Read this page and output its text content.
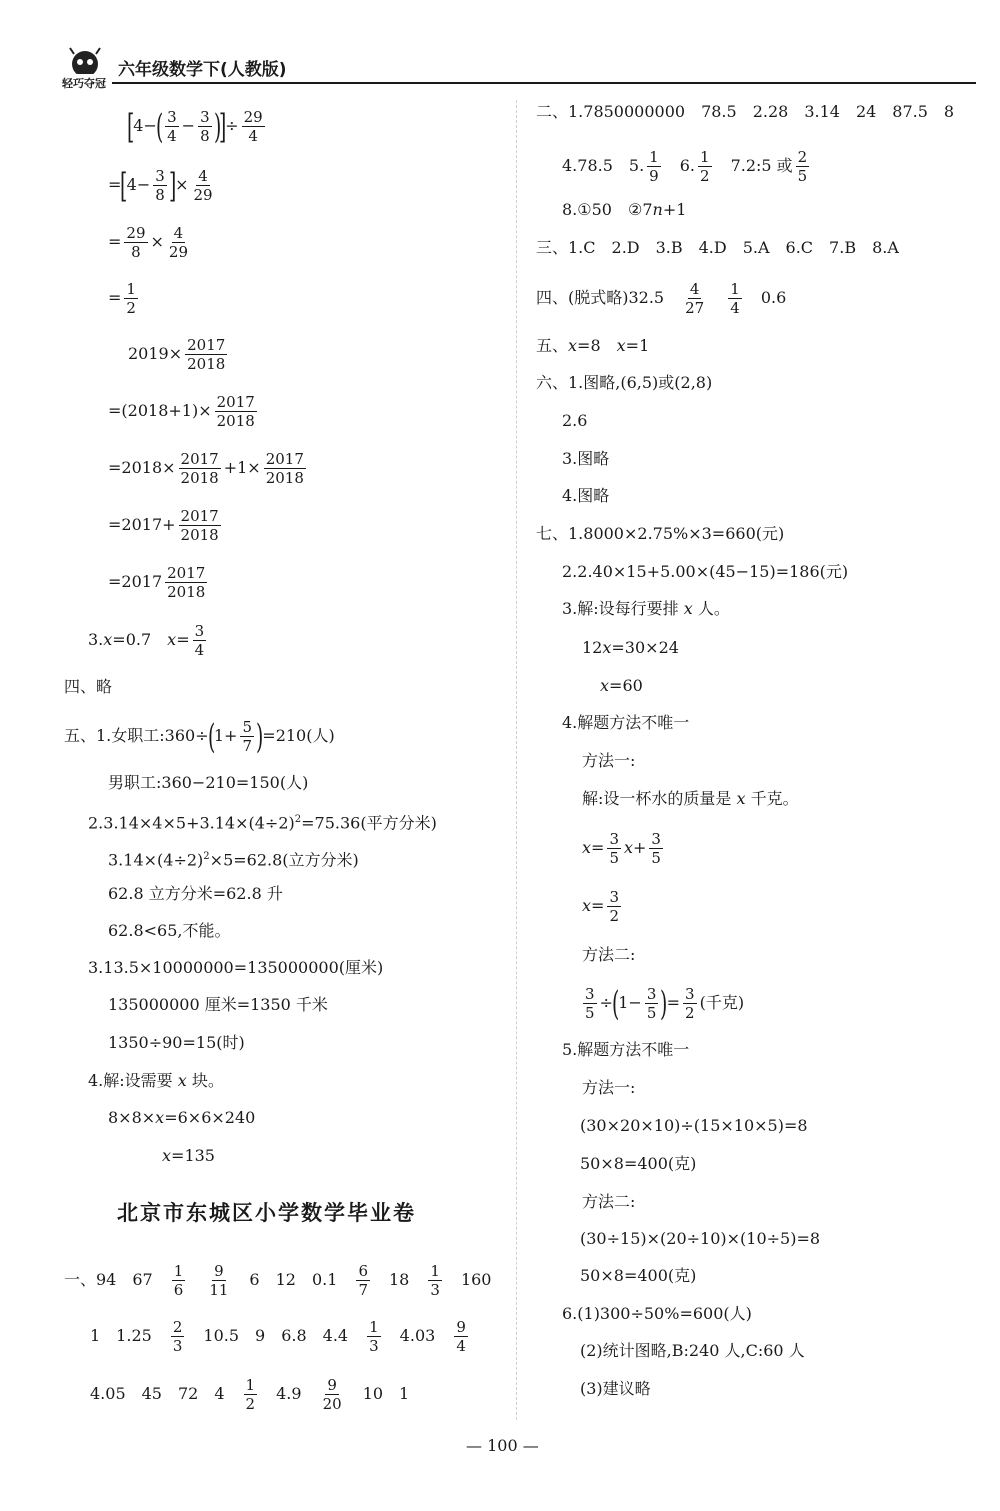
轻巧夺冠
六年级数学下(人教版)
[$4-( \frac{3}{4} - \frac{3}{8}$ )]÷ $\frac{29}{4}$
$=[4- \frac{3}{8}$ ]× $\frac{4}{29}$
= $\frac{29}{8} \times \frac{4}{29}$
= $\frac{1}{2}$
$2019\times \frac{2017}{2018}$
$=(2018+1)\times \frac{2017}{2018}$
$=2018\times \frac{2017}{2018} +1\times \frac{2017}{2018}$
$=2017+ \frac{2017}{2018}$
$=2017 \frac{2017}{2018}$
3.x=0.7　$x= \frac{3}{4}$
四、略
五、1.女职工:360÷(1+ $\frac{5}{7} )=210$(人)
男职工:360−210=150(人)
$2.3.14\times 4\times 5+3.14\times(4\div 2)^2=75.36$(平方分米)
$3.14\times(4\div 2)^2\times 5=62.8$(立方分米)
62.8 立方分米=62.8 升
62.8<65,不能。
3.13.5×10000000=135000000(厘米)
135000000 厘米=1350 千米
1350÷90=15(时)
4.解:设需要 x 块。
8×8×x=6×6×240
x=135
北京市东城区小学数学毕业卷
一、94　67　 $\frac{1}{6}$
　 $\frac{9}{11}$
　 6　12　0.1　 $\frac{6}{7}$
　 18　 $\frac{1}{3}$
　 160
1　1.25　 $\frac{2}{3}$
　 10.5　9　6.8　4.4　 $\frac{1}{3}$
　 4.03　 $\frac{9}{4}$
4.05　45　72　4　 $\frac{1}{2}$
　 4.9　 $\frac{9}{20}$
　 10　1
二、1.7850000000　78.5　2.28　3.14　24　87.5　8
4.78.5　5. $\frac{1}{9}$
　 6. $\frac{1}{2}$
　 7.2:5 或 $\frac{2}{5}$
8.①50　②7n+1
三、1.C　2.D　3.B　4.D　5.A　6.C　7.B　8.A
四、(脱式略)32.5　 $\frac{4}{27}$
　 $\frac{1}{4}$
　 0.6
五、x=8　x=1
六、1.图略,(6,5)或(2,8)
2.6
3.图略
4.图略
七、1.8000×2.75%×3=660(元)
2.2.40×15+5.00×(45−15)=186(元)
3.解:设每行要排 x 人。
12x=30×24
x=60
4.解题方法不唯一
方法一:
解:设一杯水的质量是 x 千克。
$x= \frac{3}{5} x+ \frac{3}{5}$
$x= \frac{3}{2}$
方法二:
$\frac{3}{5} \div(1- \frac{3}{5}$ )= $\frac{3}{2}$ (千克)
5.解题方法不唯一
方法一:
(30×20×10)÷(15×10×5)=8
50×8=400(克)
方法二:
(30÷15)×(20÷10)×(10÷5)=8
50×8=400(克)
6.(1)300÷50%=600(人)
(2)统计图略,B:240 人,C:60 人
(3)建议略
— 100 —
